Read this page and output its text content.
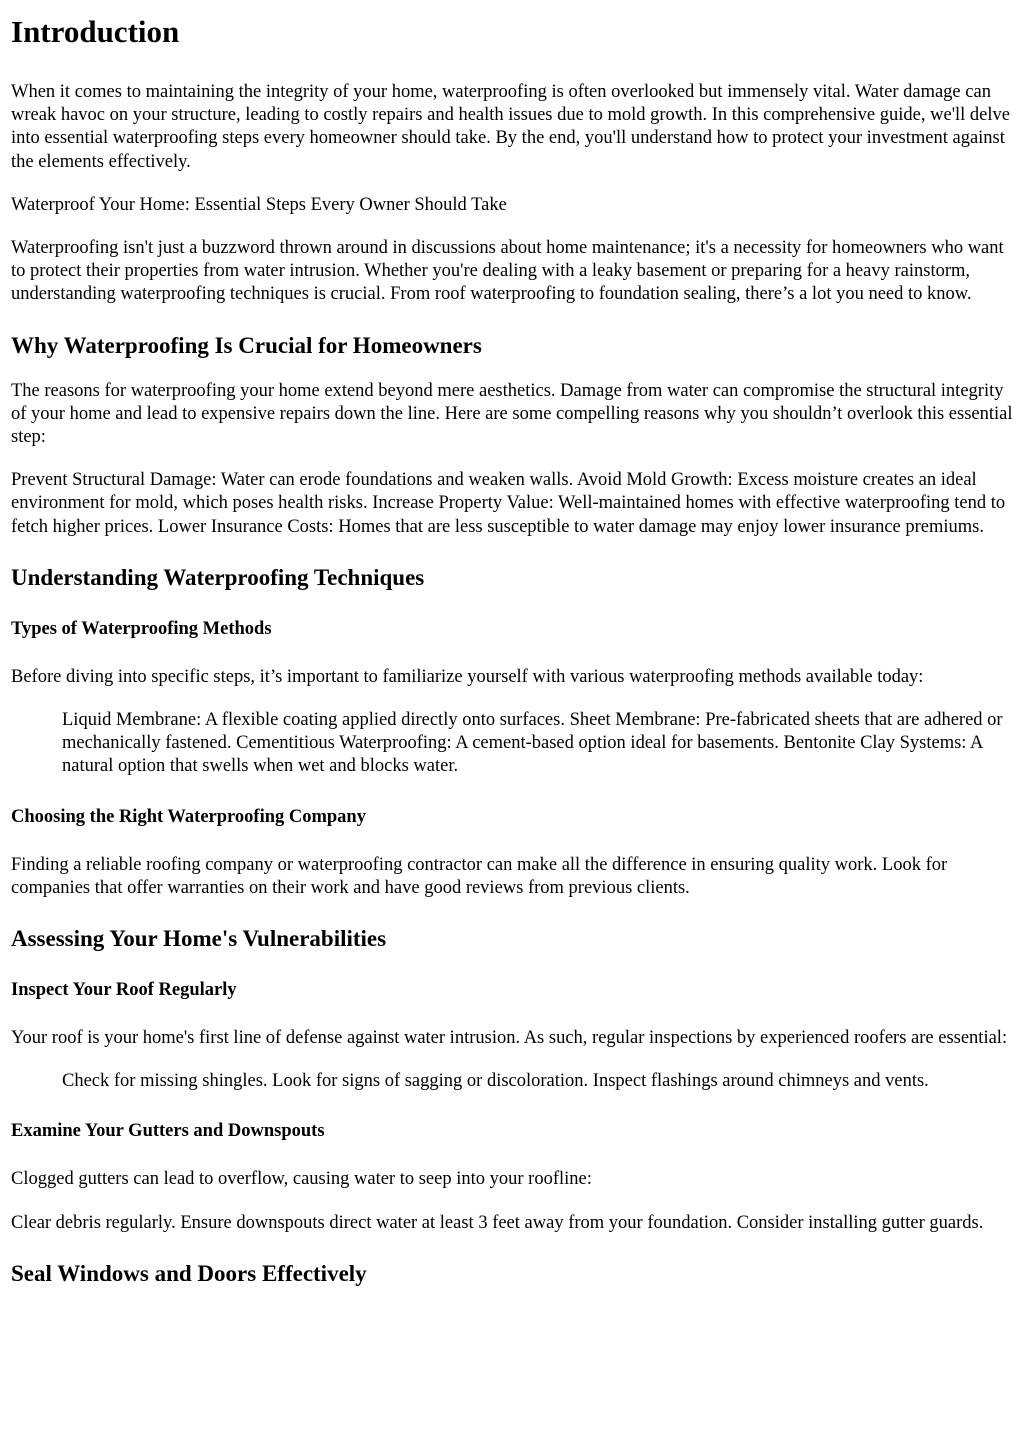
Introduction

When it comes to maintaining the integrity of your home, waterproofing is often overlooked but immensely vital. Water damage can wreak havoc on your structure, leading to costly repairs and health issues due to mold growth. In this comprehensive guide, we'll delve into essential waterproofing steps every homeowner should take. By the end, you'll understand how to protect your investment against the elements effectively.

Waterproof Your Home: Essential Steps Every Owner Should Take

Waterproofing isn't just a buzzword thrown around in discussions about home maintenance; it's a necessity for homeowners who want to protect their properties from water intrusion. Whether you're dealing with a leaky basement or preparing for a heavy rainstorm, understanding waterproofing techniques is crucial. From roof waterproofing to foundation sealing, there’s a lot you need to know.

Why Waterproofing Is Crucial for Homeowners

The reasons for waterproofing your home extend beyond mere aesthetics. Damage from water can compromise the structural integrity of your home and lead to expensive repairs down the line. Here are some compelling reasons why you shouldn’t overlook this essential step:

Prevent Structural Damage: Water can erode foundations and weaken walls. Avoid Mold Growth: Excess moisture creates an ideal environment for mold, which poses health risks. Increase Property Value: Well-maintained homes with effective waterproofing tend to fetch higher prices. Lower Insurance Costs: Homes that are less susceptible to water damage may enjoy lower insurance premiums.

Understanding Waterproofing Techniques
Types of Waterproofing Methods

Before diving into specific steps, it’s important to familiarize yourself with various waterproofing methods available today:

Liquid Membrane: A flexible coating applied directly onto surfaces. Sheet Membrane: Pre-fabricated sheets that are adhered or mechanically fastened. Cementitious Waterproofing: A cement-based option ideal for basements. Bentonite Clay Systems: A natural option that swells when wet and blocks water.
Choosing the Right Waterproofing Company

Finding a reliable roofing company or waterproofing contractor can make all the difference in ensuring quality work. Look for companies that offer warranties on their work and have good reviews from previous clients.

Assessing Your Home's Vulnerabilities
Inspect Your Roof Regularly

Your roof is your home's first line of defense against water intrusion. As such, regular inspections by experienced roofers are essential:

Check for missing shingles. Look for signs of sagging or discoloration. Inspect flashings around chimneys and vents.
Examine Your Gutters and Downspouts

Clogged gutters can lead to overflow, causing water to seep into your roofline:

Clear debris regularly. Ensure downspouts direct water at least 3 feet away from your foundation. Consider installing gutter guards.

Seal Windows and Doors Effectively
